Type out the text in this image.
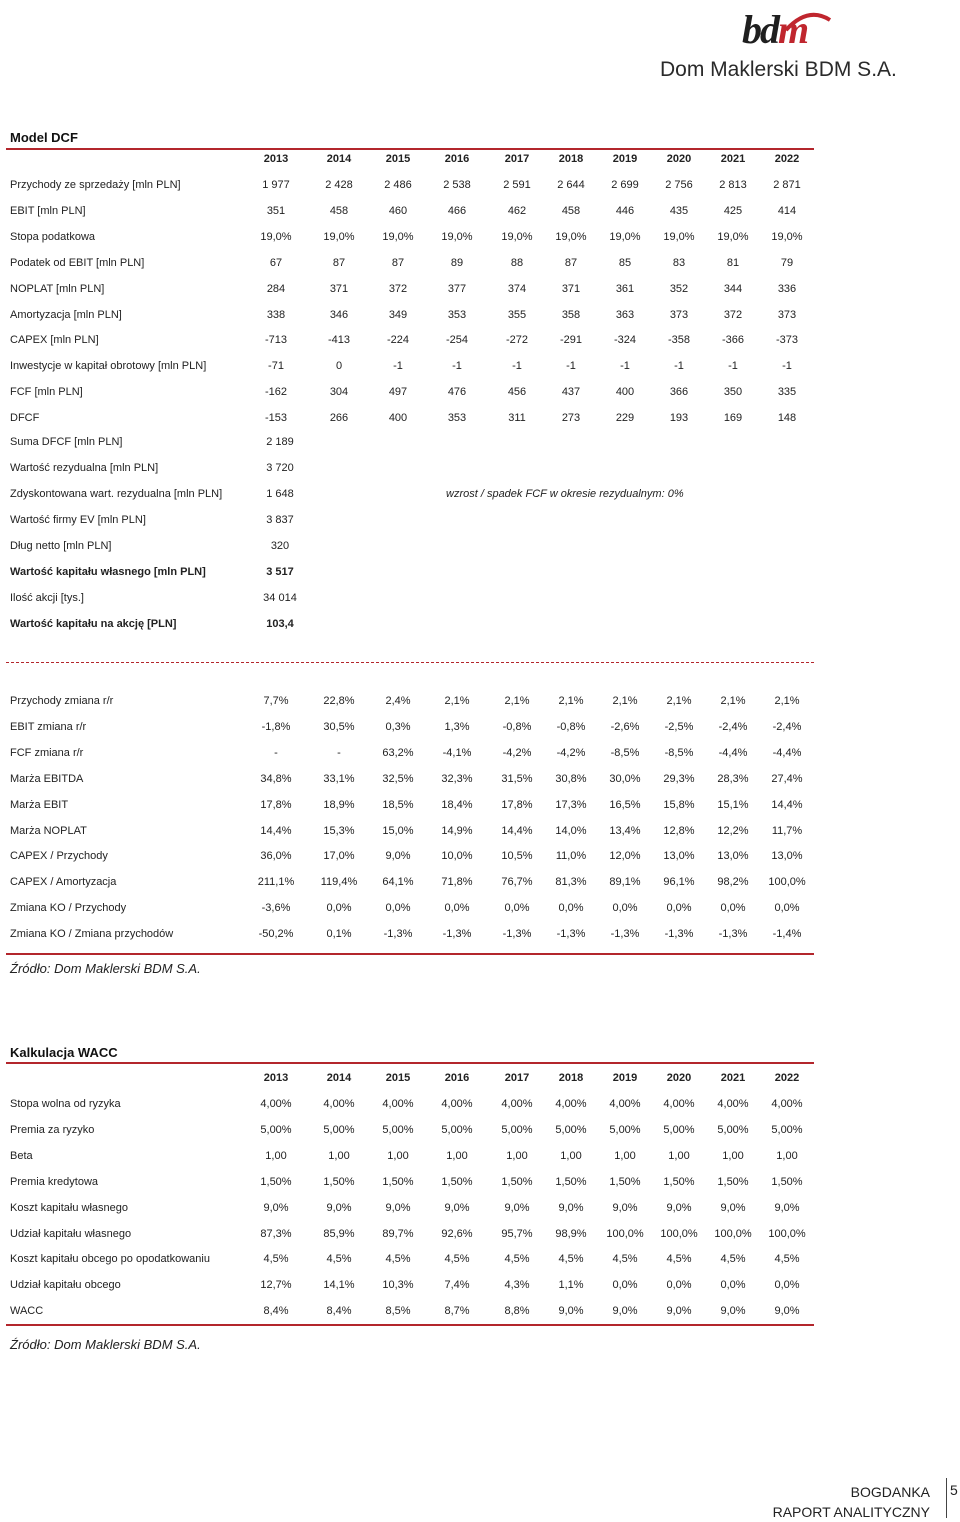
bdm
Dom Maklerski BDM S.A.
Model DCF
2013	2014	2015	2016	2017	2018	2019	2020	2021	2022
Przychody ze sprzedaży [mln PLN]	1 977	2 428	2 486	2 538	2 591	2 644	2 699	2 756	2 813	2 871
EBIT [mln PLN]	351	458	460	466	462	458	446	435	425	414
Stopa podatkowa	19,0%	19,0%	19,0%	19,0%	19,0%	19,0%	19,0%	19,0%	19,0%	19,0%
Podatek od EBIT [mln PLN]	67	87	87	89	88	87	85	83	81	79
NOPLAT [mln PLN]	284	371	372	377	374	371	361	352	344	336
Amortyzacja [mln PLN]	338	346	349	353	355	358	363	373	372	373
CAPEX [mln PLN]	-713	-413	-224	-254	-272	-291	-324	-358	-366	-373
Inwestycje w kapitał obrotowy [mln PLN]	-71	0	-1	-1	-1	-1	-1	-1	-1	-1
FCF [mln PLN]	-162	304	497	476	456	437	400	366	350	335
DFCF	-153	266	400	353	311	273	229	193	169	148
Suma DFCF [mln PLN]	2 189
Wartość rezydualna [mln PLN]	3 720
Zdyskontowana wart. rezydualna [mln PLN]	1 648	wzrost / spadek FCF w okresie rezydualnym: 0%
Wartość firmy EV [mln PLN]	3 837
Dług netto [mln PLN]	320
Wartość kapitału własnego [mln PLN]	3 517
Ilość akcji [tys.]	34 014
Wartość kapitału na akcję [PLN]	103,4
Przychody zmiana r/r	7,7%	22,8%	2,4%	2,1%	2,1%	2,1%	2,1%	2,1%	2,1%	2,1%
EBIT zmiana r/r	-1,8%	30,5%	0,3%	1,3%	-0,8%	-0,8%	-2,6%	-2,5%	-2,4%	-2,4%
FCF zmiana r/r	-	-	63,2%	-4,1%	-4,2%	-4,2%	-8,5%	-8,5%	-4,4%	-4,4%
Marża EBITDA	34,8%	33,1%	32,5%	32,3%	31,5%	30,8%	30,0%	29,3%	28,3%	27,4%
Marża EBIT	17,8%	18,9%	18,5%	18,4%	17,8%	17,3%	16,5%	15,8%	15,1%	14,4%
Marża NOPLAT	14,4%	15,3%	15,0%	14,9%	14,4%	14,0%	13,4%	12,8%	12,2%	11,7%
CAPEX / Przychody	36,0%	17,0%	9,0%	10,0%	10,5%	11,0%	12,0%	13,0%	13,0%	13,0%
CAPEX / Amortyzacja	211,1%	119,4%	64,1%	71,8%	76,7%	81,3%	89,1%	96,1%	98,2%	100,0%
Zmiana KO / Przychody	-3,6%	0,0%	0,0%	0,0%	0,0%	0,0%	0,0%	0,0%	0,0%	0,0%
Zmiana KO / Zmiana przychodów	-50,2%	0,1%	-1,3%	-1,3%	-1,3%	-1,3%	-1,3%	-1,3%	-1,3%	-1,4%
Źródło: Dom Maklerski BDM S.A.
Kalkulacja WACC
2013	2014	2015	2016	2017	2018	2019	2020	2021	2022
Stopa wolna od ryzyka	4,00%	4,00%	4,00%	4,00%	4,00%	4,00%	4,00%	4,00%	4,00%	4,00%
Premia za ryzyko	5,00%	5,00%	5,00%	5,00%	5,00%	5,00%	5,00%	5,00%	5,00%	5,00%
Beta	1,00	1,00	1,00	1,00	1,00	1,00	1,00	1,00	1,00	1,00
Premia kredytowa	1,50%	1,50%	1,50%	1,50%	1,50%	1,50%	1,50%	1,50%	1,50%	1,50%
Koszt kapitału własnego	9,0%	9,0%	9,0%	9,0%	9,0%	9,0%	9,0%	9,0%	9,0%	9,0%
Udział kapitału własnego	87,3%	85,9%	89,7%	92,6%	95,7%	98,9%	100,0%	100,0%	100,0%	100,0%
Koszt kapitału obcego po opodatkowaniu	4,5%	4,5%	4,5%	4,5%	4,5%	4,5%	4,5%	4,5%	4,5%	4,5%
Udział kapitału obcego	12,7%	14,1%	10,3%	7,4%	4,3%	1,1%	0,0%	0,0%	0,0%	0,0%
WACC	8,4%	8,4%	8,5%	8,7%	8,8%	9,0%	9,0%	9,0%	9,0%	9,0%
Źródło: Dom Maklerski BDM S.A.
BOGDANKA
RAPORT ANALITYCZNY
5
